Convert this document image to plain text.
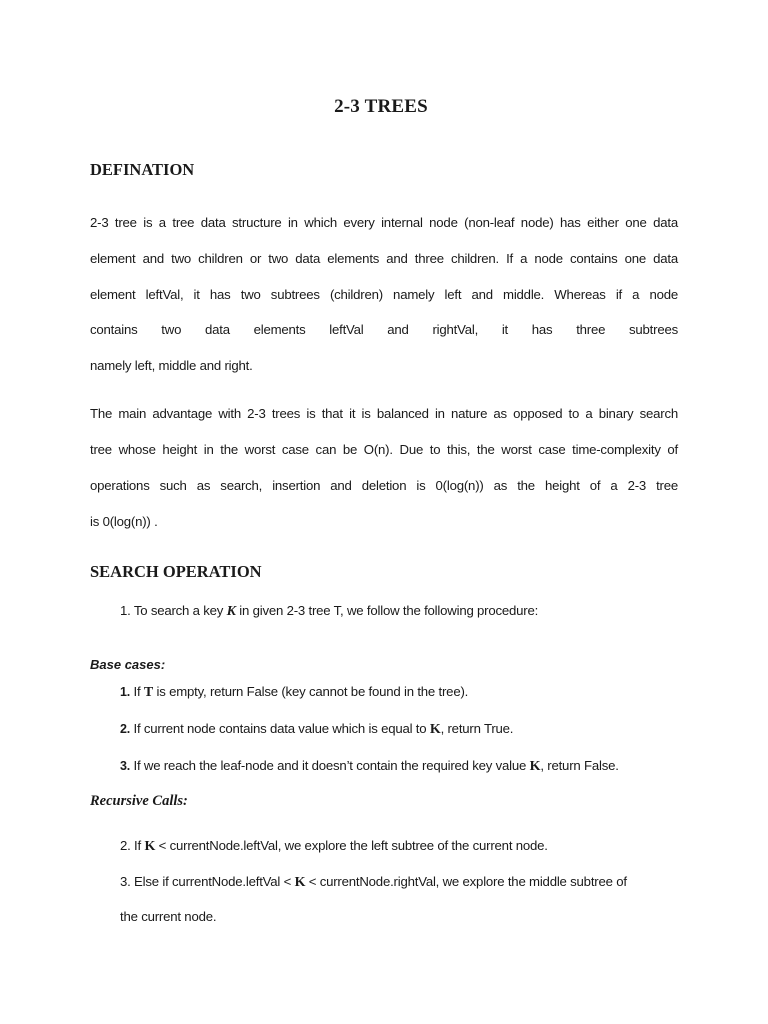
2-3 TREES
DEFINATION
2-3 tree is a tree data structure in which every internal node (non-leaf node) has either one data
element and two children or two data elements and three children. If a node contains one data
element leftVal, it has two subtrees (children) namely left and middle. Whereas if a node
contains two data elements leftVal and rightVal, it has three subtrees
namely left, middle and right.
The main advantage with 2-3 trees is that it is balanced in nature as opposed to a binary search
tree whose height in the worst case can be O(n). Due to this, the worst case time-complexity of
operations such as search, insertion and deletion is 0(log(n)) as the height of a 2-3 tree
is 0(log(n)) .
SEARCH OPERATION
1. To search a key K in given 2-3 tree T, we follow the following procedure:
Base cases:
1. If T is empty, return False (key cannot be found in the tree).
2. If current node contains data value which is equal to K, return True.
3. If we reach the leaf-node and it doesn’t contain the required key value K, return False.
Recursive Calls:
2. If K < currentNode.leftVal, we explore the left subtree of the current node.
3. Else if currentNode.leftVal < K < currentNode.rightVal, we explore the middle subtree of
the current node.
